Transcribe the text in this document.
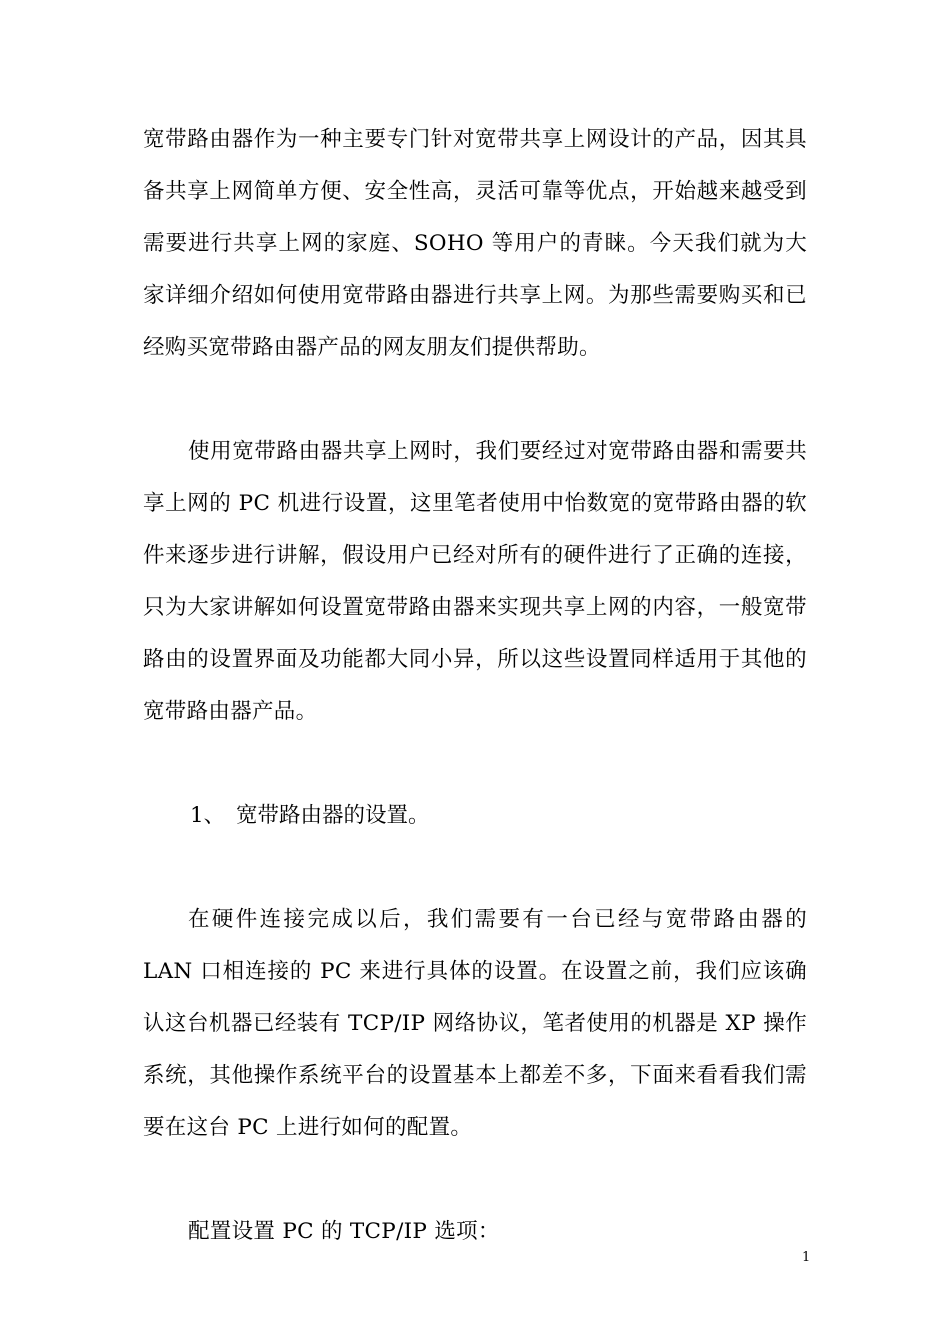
宽带路由器作为一种主要专门针对宽带共享上网设计的产品，因其具备共享上网简单方便、安全性高，灵活可靠等优点，开始越来越受到需要进行共享上网的家庭、SOHO 等用户的青睐。今天我们就为大家详细介绍如何使用宽带路由器进行共享上网。为那些需要购买和已经购买宽带路由器产品的网友朋友们提供帮助。

使用宽带路由器共享上网时，我们要经过对宽带路由器和需要共享上网的 PC 机进行设置，这里笔者使用中怡数宽的宽带路由器的软件来逐步进行讲解，假设用户已经对所有的硬件进行了正确的连接，只为大家讲解如何设置宽带路由器来实现共享上网的内容，一般宽带路由的设置界面及功能都大同小异，所以这些设置同样适用于其他的宽带路由器产品。

1、 宽带路由器的设置。

在硬件连接完成以后，我们需要有一台已经与宽带路由器的 LAN 口相连接的 PC 来进行具体的设置。在设置之前，我们应该确认这台机器已经装有 TCP/IP 网络协议，笔者使用的机器是 XP 操作系统，其他操作系统平台的设置基本上都差不多，下面来看看我们需要在这台 PC 上进行如何的配置。

配置设置 PC 的 TCP/IP 选项：

1
